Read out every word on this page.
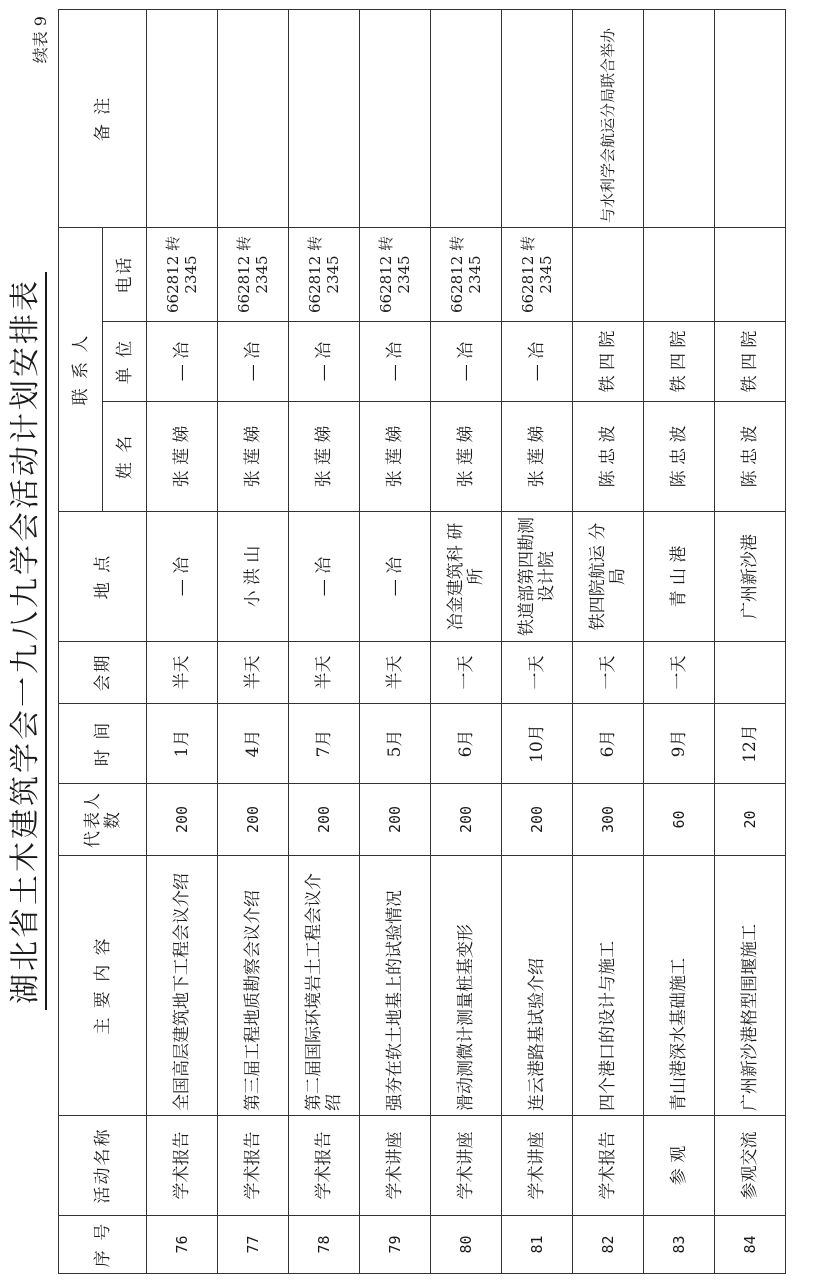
湖北省土木建筑学会一九八九学会活动计划安排表
续表 9
序 号	活动名称	主 要 内 容	代表人数	时 间	会期	地 点	联 系 人			备 注
							姓 名	单 位	电话	
76	学术报告	全国高层建筑地下工程会议介绍	200	1月	半天	— 冶	张 莲 娣	— 冶	662812 转2345	
77	学术报告	第三届工程地质勘察会议介绍	200	4月	半天	小 洪 山	张 莲 娣	— 冶	662812 转2345	
78	学术报告	第二届国际环境岩土工程会议介绍	200	7月	半天	— 冶	张 莲 娣	— 冶	662812 转2345	
79	学术讲座	强夯在软土地基上的试验情况	200	5月	半天	— 冶	张 莲 娣	— 冶	662812 转2345	
80	学术讲座	滑动测微计测量桩基变形	200	6月	一天	冶金建筑科 研 所	张 莲 娣	— 冶	662812 转2345	
81	学术讲座	连云港路基试验介绍	200	10月	一天	铁道部第四勘测设计院	张 莲 娣	— 冶	662812 转2345	
82	学术报告	四个港口的设计与施工	300	6月	一天	铁四院航运 分 局	陈 忠 波	铁 四 院		与水利学会航运分局联合举办
83	参 观	青山港深水基础施工	60	9月	一天	青 山 港	陈 忠 波	铁 四 院		
84	参观交流	广州新沙港格型围堰施工	20	12月		广州新沙港	陈 忠 波	铁 四 院		
